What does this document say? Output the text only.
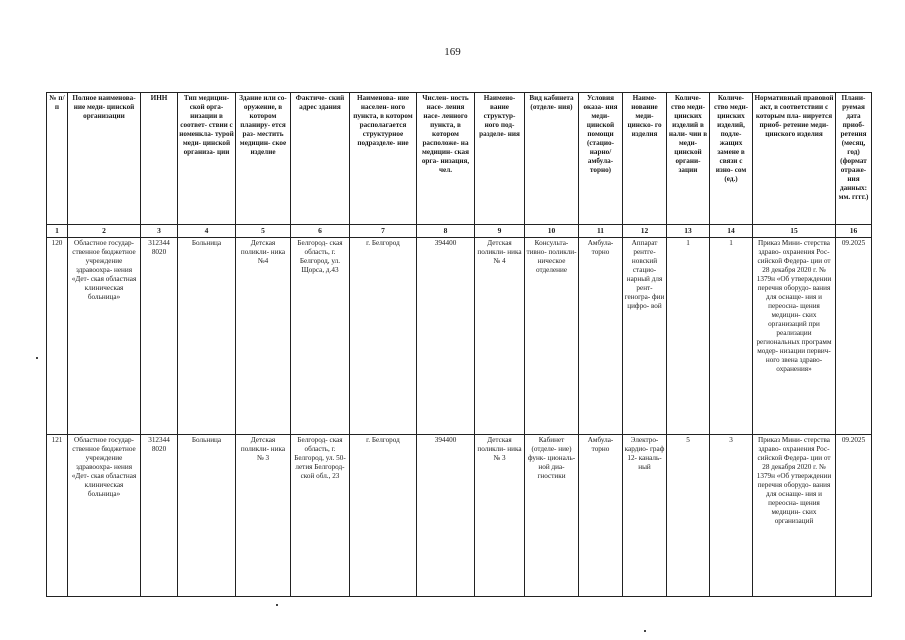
169
№ п/п	Полное наименова- ние меди- цинской организации	ИНН	Тип медицин- ской орга- низации в соответ- ствии с номенкла- турой меди- цинской организа- ции	Здание или со- оружение, в котором планиру- ется раз- местить медицин- ское изделие	Фактиче- ский адрес здания	Наименова- ние населен- ного пункта, в котором располагается структурное подразделе- ние	Числен- ность насе- ления насе- ленного пункта, в котором расположе- на медицин- ская орга- низация, чел.	Наимено- вание структур- ного под- разделе- ния	Вид кабинета (отделе- ния)	Условия оказа- ния меди- цинской помощи (стацио- нарно/ амбула- торно)	Наиме- нование меди- цинско- го изделия	Количе- ство меди- цинских изделий в нали- чии в меди- цинской органи- зации	Количе- ство меди- цинских изделий, подле- жащих замене в связи с изно- сом (ед.)	Нормативный правовой акт, в соответствии с которым пла- нируется приоб- ретение меди- цинского изделия	Плани- руемая дата приоб- ретения (месяц, год) (формат отраже- ния данных: мм. гггг.)
1	2	3	4	5	6	7	8	9	10	11	12	13	14	15	16
120	Областное государ- ственное бюджетное учреждение здравоохра- нения «Дет- ская областная клиническая больница»	312344 8020	Больница	Детская поликли- ника №4	Белгород- ская область, г. Белгород, ул. Щорса, д.43	г. Белгород	394400	Детская поликли- ника № 4	Консульта- тивно- поликли- ническое отделение	Амбула- торно	Аппарат рентге- новский стацио- нарный для рент- геногра- фии цифро- вой	1	1	Приказ Мини- стерства здраво- охранения Рос- сийской Федера- ции от 28 декабря 2020 г. № 1379н «Об утверждении перечня оборудо- вания для оснаще- ния и переосна- щения медицин- ских организаций при реализации региональных программ модер- низации первич- ного звена здраво- охранения»	09.2025
121	Областное государ- ственное бюджетное учреждение здравоохра- нения «Дет- ская областная клиническая больница»	312344 8020	Больница	Детская поликли- ника № 3	Белгород- ская область, г. Белгород, ул. 50-летия Белгород- ской обл., 23	г. Белгород	394400	Детская поликли- ника № 3	Кабинет (отделе- ние) функ- циональ- ной диа- гностики	Амбула- торно	Электро- кардио- граф 12- каналь- ный	5	3	Приказ Мини- стерства здраво- охранения Рос- сийской Федера- ции от 28 декабря 2020 г. № 1379н «Об утверждении перечня оборудо- вания для оснаще- ния и переосна- щения медицин- ских организаций	09.2025
